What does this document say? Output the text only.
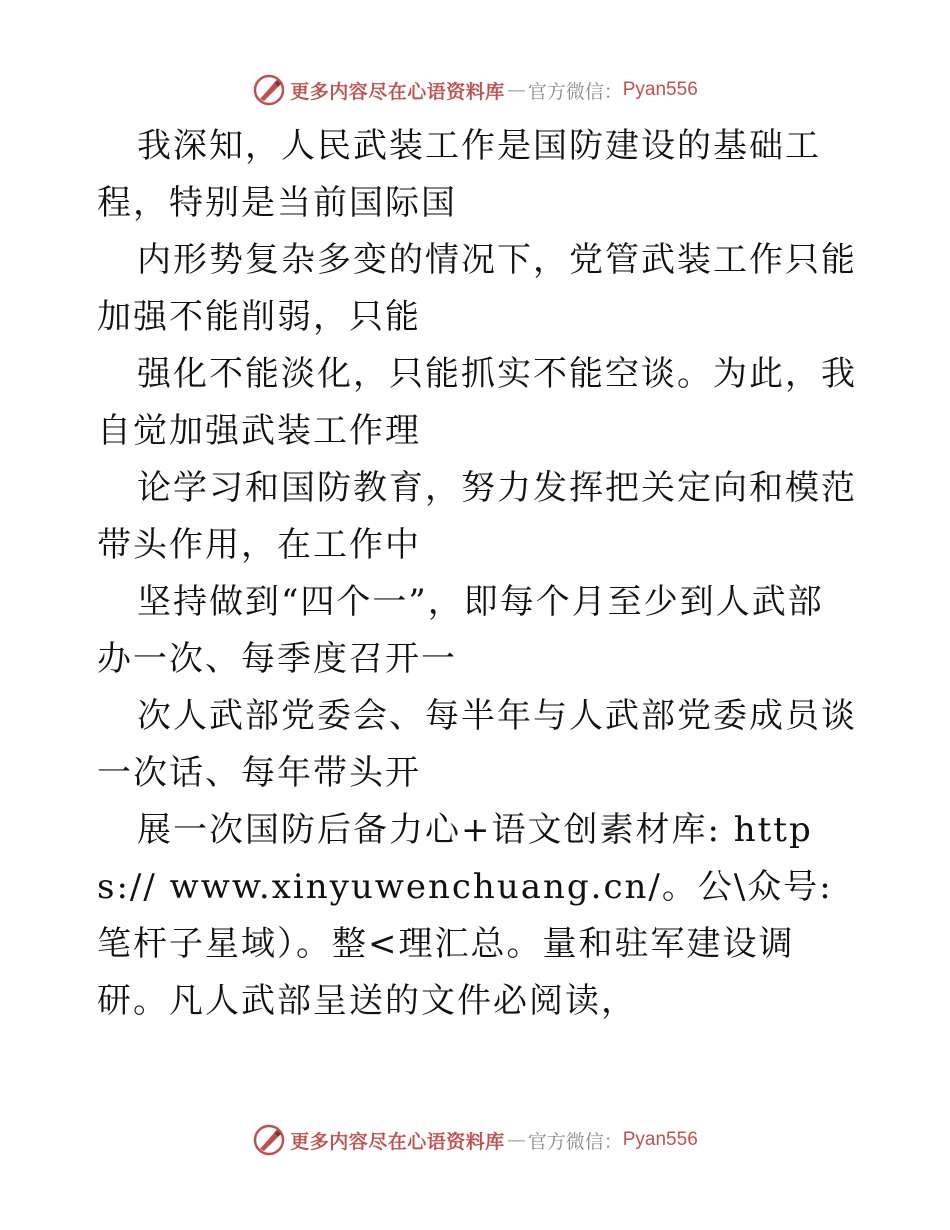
更多内容尽在心语资料库 — 官方微信： Pyan556

我深知，人民武装工作是国防建设的基础工程，特别是当前国际国

内形势复杂多变的情况下，党管武装工作只能加强不能削弱，只能

强化不能淡化，只能抓实不能空谈。为此，我自觉加强武装工作理

论学习和国防教育，努力发挥把关定向和模范带头作用，在工作中

坚持做到“四个一”，即每个月至少到人武部办一次、每季度召开一

次人武部党委会、每半年与人武部党委成员谈一次话、每年带头开

展一次国防后备力心+语文创素材库: https:// www.xinyuwenchuang.cn/。公\众号: 笔杆子星域）。整<理汇总。量和驻军建设调研。凡人武部呈送的文件必阅读，

更多内容尽在心语资料库 — 官方微信： Pyan556
